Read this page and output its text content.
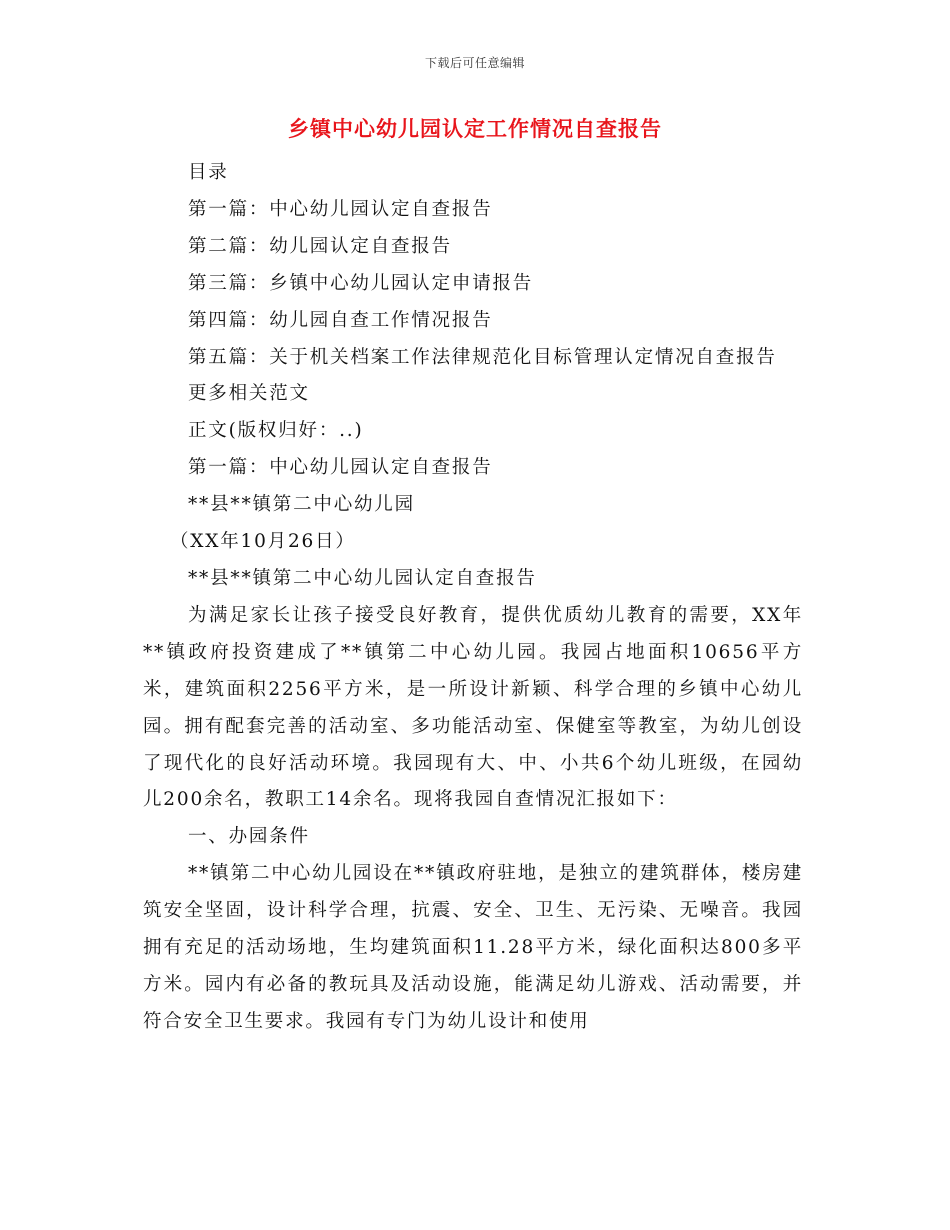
下载后可任意编辑
乡镇中心幼儿园认定工作情况自查报告

目录

第一篇：中心幼儿园认定自查报告

第二篇：幼儿园认定自查报告

第三篇：乡镇中心幼儿园认定申请报告

第四篇：幼儿园自查工作情况报告

第五篇：关于机关档案工作法律规范化目标管理认定情况自查报告

更多相关范文

正文(版权归好：..)

第一篇：中心幼儿园认定自查报告

**县**镇第二中心幼儿园

（XX年10月26日）

**县**镇第二中心幼儿园认定自查报告

为满足家长让孩子接受良好教育，提供优质幼儿教育的需要，XX年**镇政府投资建成了**镇第二中心幼儿园。我园占地面积10656平方米，建筑面积2256平方米，是一所设计新颖、科学合理的乡镇中心幼儿园。拥有配套完善的活动室、多功能活动室、保健室等教室，为幼儿创设了现代化的良好活动环境。我园现有大、中、小共6个幼儿班级，在园幼儿200余名，教职工14余名。现将我园自查情况汇报如下：

一、办园条件

**镇第二中心幼儿园设在**镇政府驻地，是独立的建筑群体，楼房建筑安全坚固，设计科学合理，抗震、安全、卫生、无污染、无噪音。我园拥有充足的活动场地，生均建筑面积11.28平方米，绿化面积达800多平方米。园内有必备的教玩具及活动设施，能满足幼儿游戏、活动需要，并符合安全卫生要求。我园有专门为幼儿设计和使用
